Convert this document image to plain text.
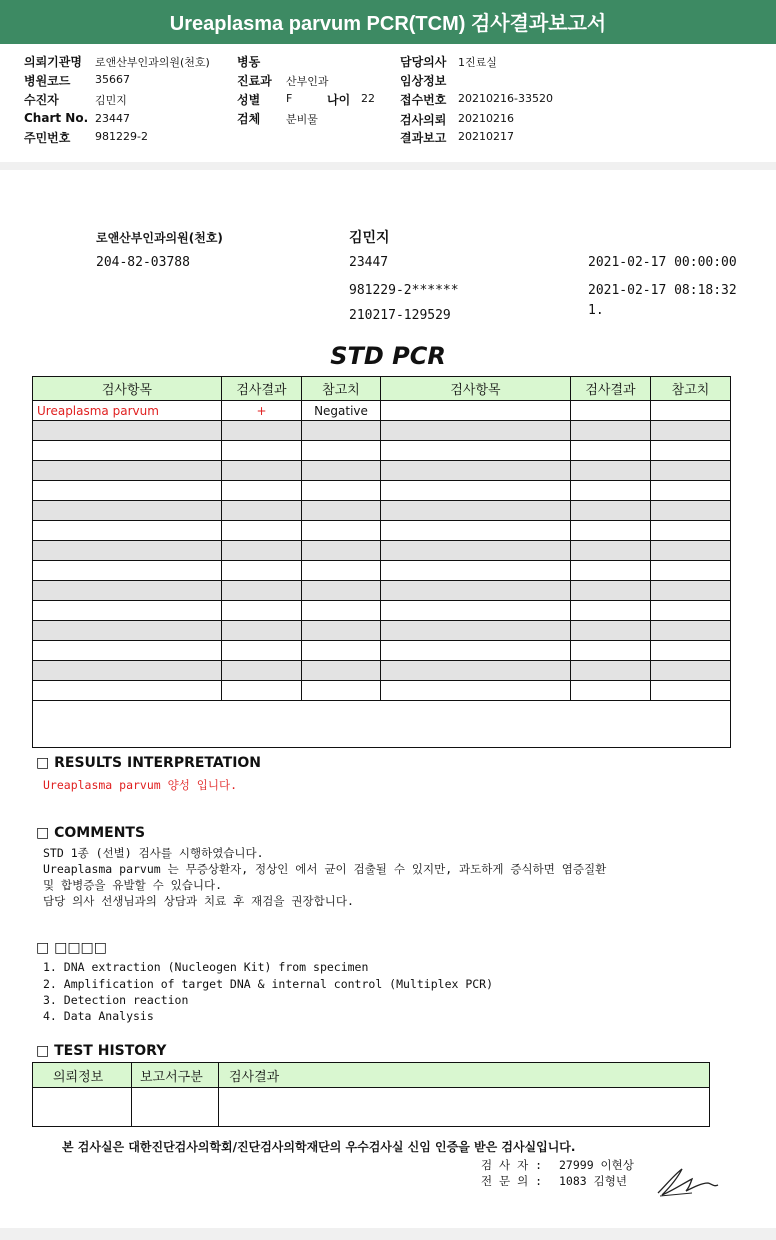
Ureaplasma parvum PCR(TCM) 검사결과보고서
의뢰기관명 로앤산부인과의원(천호)
병원코드 35667
수진자	김민지
Chart No. 23447
주민번호 981229-2
병동
진료과 산부인과
성별 F	나이 22
검체 분비물
담당의사 1진료실
임상정보
접수번호 20210216-33520
검사의뢰 20210216
결과보고 20210217
로앤산부인과의원(천호)
204-82-03788
김민지
23447
981229-2******
210217-129529
2021-02-17 00:00:00
2021-02-17 08:18:32
1.
STD PCR
검사항목	검사결과	참고치	검사항목	검사결과	참고치
Ureaplasma parvum	+	Negative			

□ RESULTS INTERPRETATION
Ureaplasma parvum 양성 입니다.
□ COMMENTS
STD 1종 (선별) 검사를 시행하였습니다.
Ureaplasma parvum 는 무증상환자, 정상인 에서 균이 검출될 수 있지만, 과도하게 증식하면 염증질환
및 합병증을 유발할 수 있습니다.
담당 의사 선생님과의 상담과 치료 후 재검을 권장합니다.
□ □□□□
1. DNA extraction (Nucleogen Kit) from specimen
2. Amplification of target DNA & internal control (Multiplex PCR)
3. Detection reaction
4. Data Analysis
□ TEST HISTORY
의뢰정보	보고서구분	검사결과

본 검사실은 대한진단검사의학회/진단검사의학재단의 우수검사실 신임 인증을 받은 검사실입니다.
검 사 자 : 27999 이현상
전 문 의 : 1083 김형년
